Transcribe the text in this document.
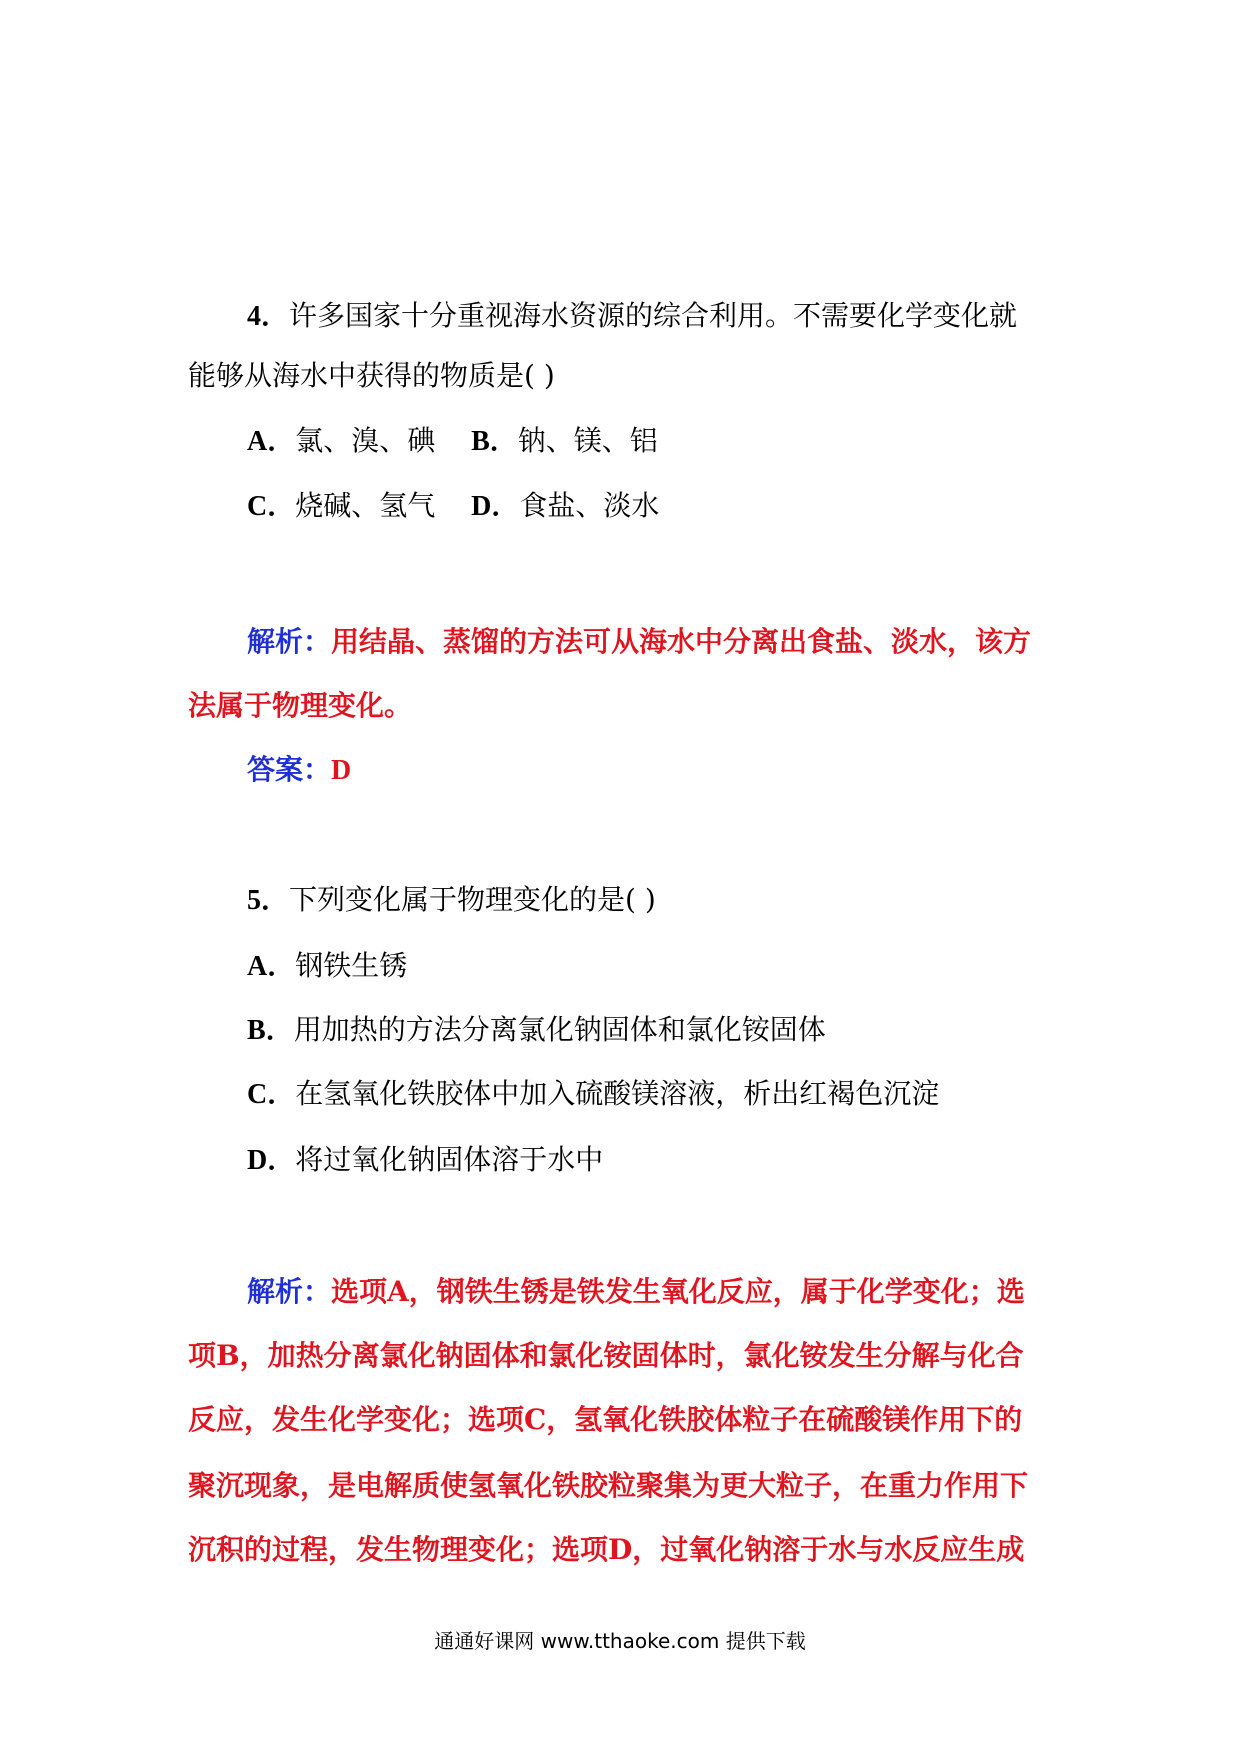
4．许多国家十分重视海水资源的综合利用。不需要化学变化就
能够从海水中获得的物质是( )
A．氯、溴、碘 B．钠、镁、铝
C．烧碱、氢气 D．食盐、淡水
解析：用结晶、蒸馏的方法可从海水中分离出食盐、淡水，该方
法属于物理变化。
答案：D
5．下列变化属于物理变化的是( )
A．钢铁生锈
B．用加热的方法分离氯化钠固体和氯化铵固体
C．在氢氧化铁胶体中加入硫酸镁溶液，析出红褐色沉淀
D．将过氧化钠固体溶于水中
解析：选项A，钢铁生锈是铁发生氧化反应，属于化学变化；选
项B，加热分离氯化钠固体和氯化铵固体时，氯化铵发生分解与化合
反应，发生化学变化；选项C，氢氧化铁胶体粒子在硫酸镁作用下的
聚沉现象，是电解质使氢氧化铁胶粒聚集为更大粒子，在重力作用下
沉积的过程，发生物理变化；选项D，过氧化钠溶于水与水反应生成
通通好课网 www.tthaoke.com 提供下载
